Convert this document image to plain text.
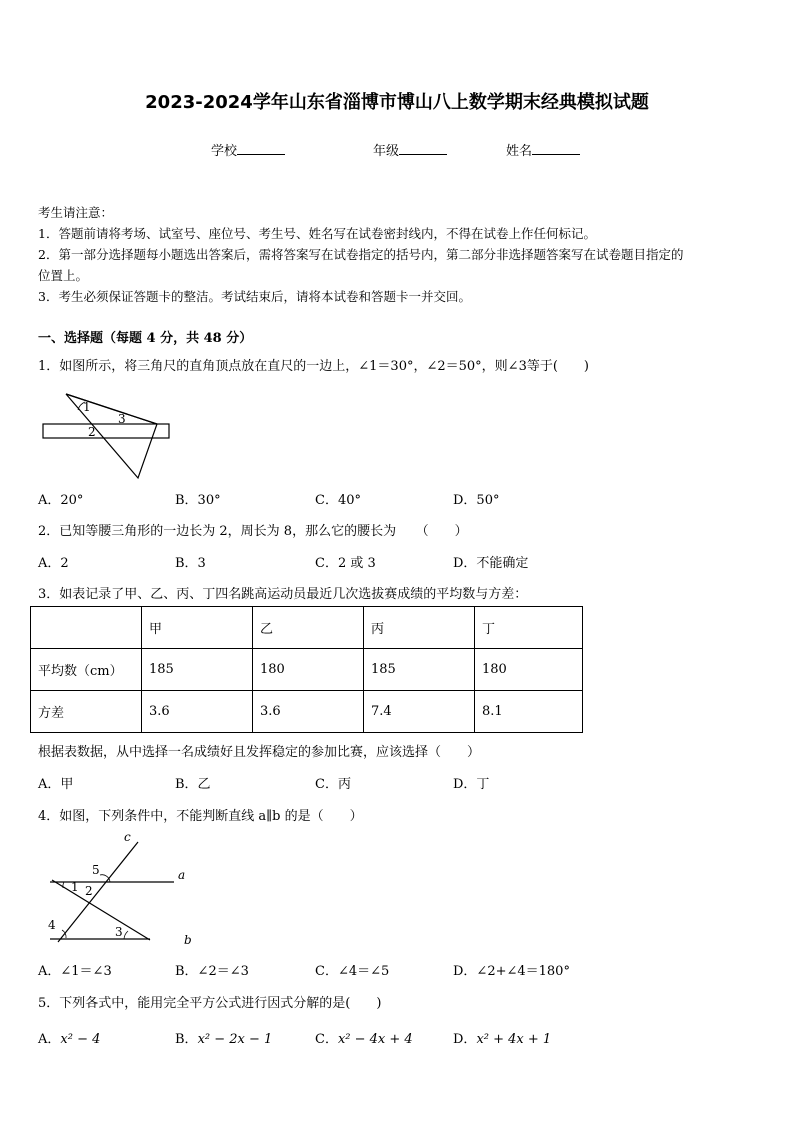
2023-2024学年山东省淄博市博山八上数学期末经典模拟试题
学校	年级	姓名
考生请注意：
1．答题前请将考场、试室号、座位号、考生号、姓名写在试卷密封线内，不得在试卷上作任何标记。
2．第一部分选择题每小题选出答案后，需将答案写在试卷指定的括号内，第二部分非选择题答案写在试卷题目指定的
位置上。
3．考生必须保证答题卡的整洁。考试结束后，请将本试卷和答题卡一并交回。
一、选择题（每题 4 分，共 48 分）
1．如图所示，将三角尺的直角顶点放在直尺的一边上，∠1＝30°，∠2＝50°，则∠3等于(　　)
1
2
3
A．20°	B．30°	C．40°	D．50°
2．已知等腰三角形的一边长为 2，周长为 8，那么它的腰长为　　（　　）
A．2	B．3	C．2 或 3	D．不能确定
3．如表记录了甲、乙、丙、丁四名跳高运动员最近几次选拔赛成绩的平均数与方差：
	甲	乙	丙	丁
平均数（cm）	185	180	185	180
方差	3.6	3.6	7.4	8.1
根据表数据，从中选择一名成绩好且发挥稳定的参加比赛，应该选择（　　）
A．甲	B．乙	C．丙	D．丁
4．如图，下列条件中，不能判断直线 a∥b 的是（　　）
c
5
1 2
a
4	3
b
A．∠1＝∠3	B．∠2＝∠3	C．∠4＝∠5	D．∠2+∠4＝180°
5．下列各式中，能用完全平方公式进行因式分解的是(　　)
A．x² − 4	B．x² − 2x − 1	C．x² − 4x + 4	D．x² + 4x + 1
